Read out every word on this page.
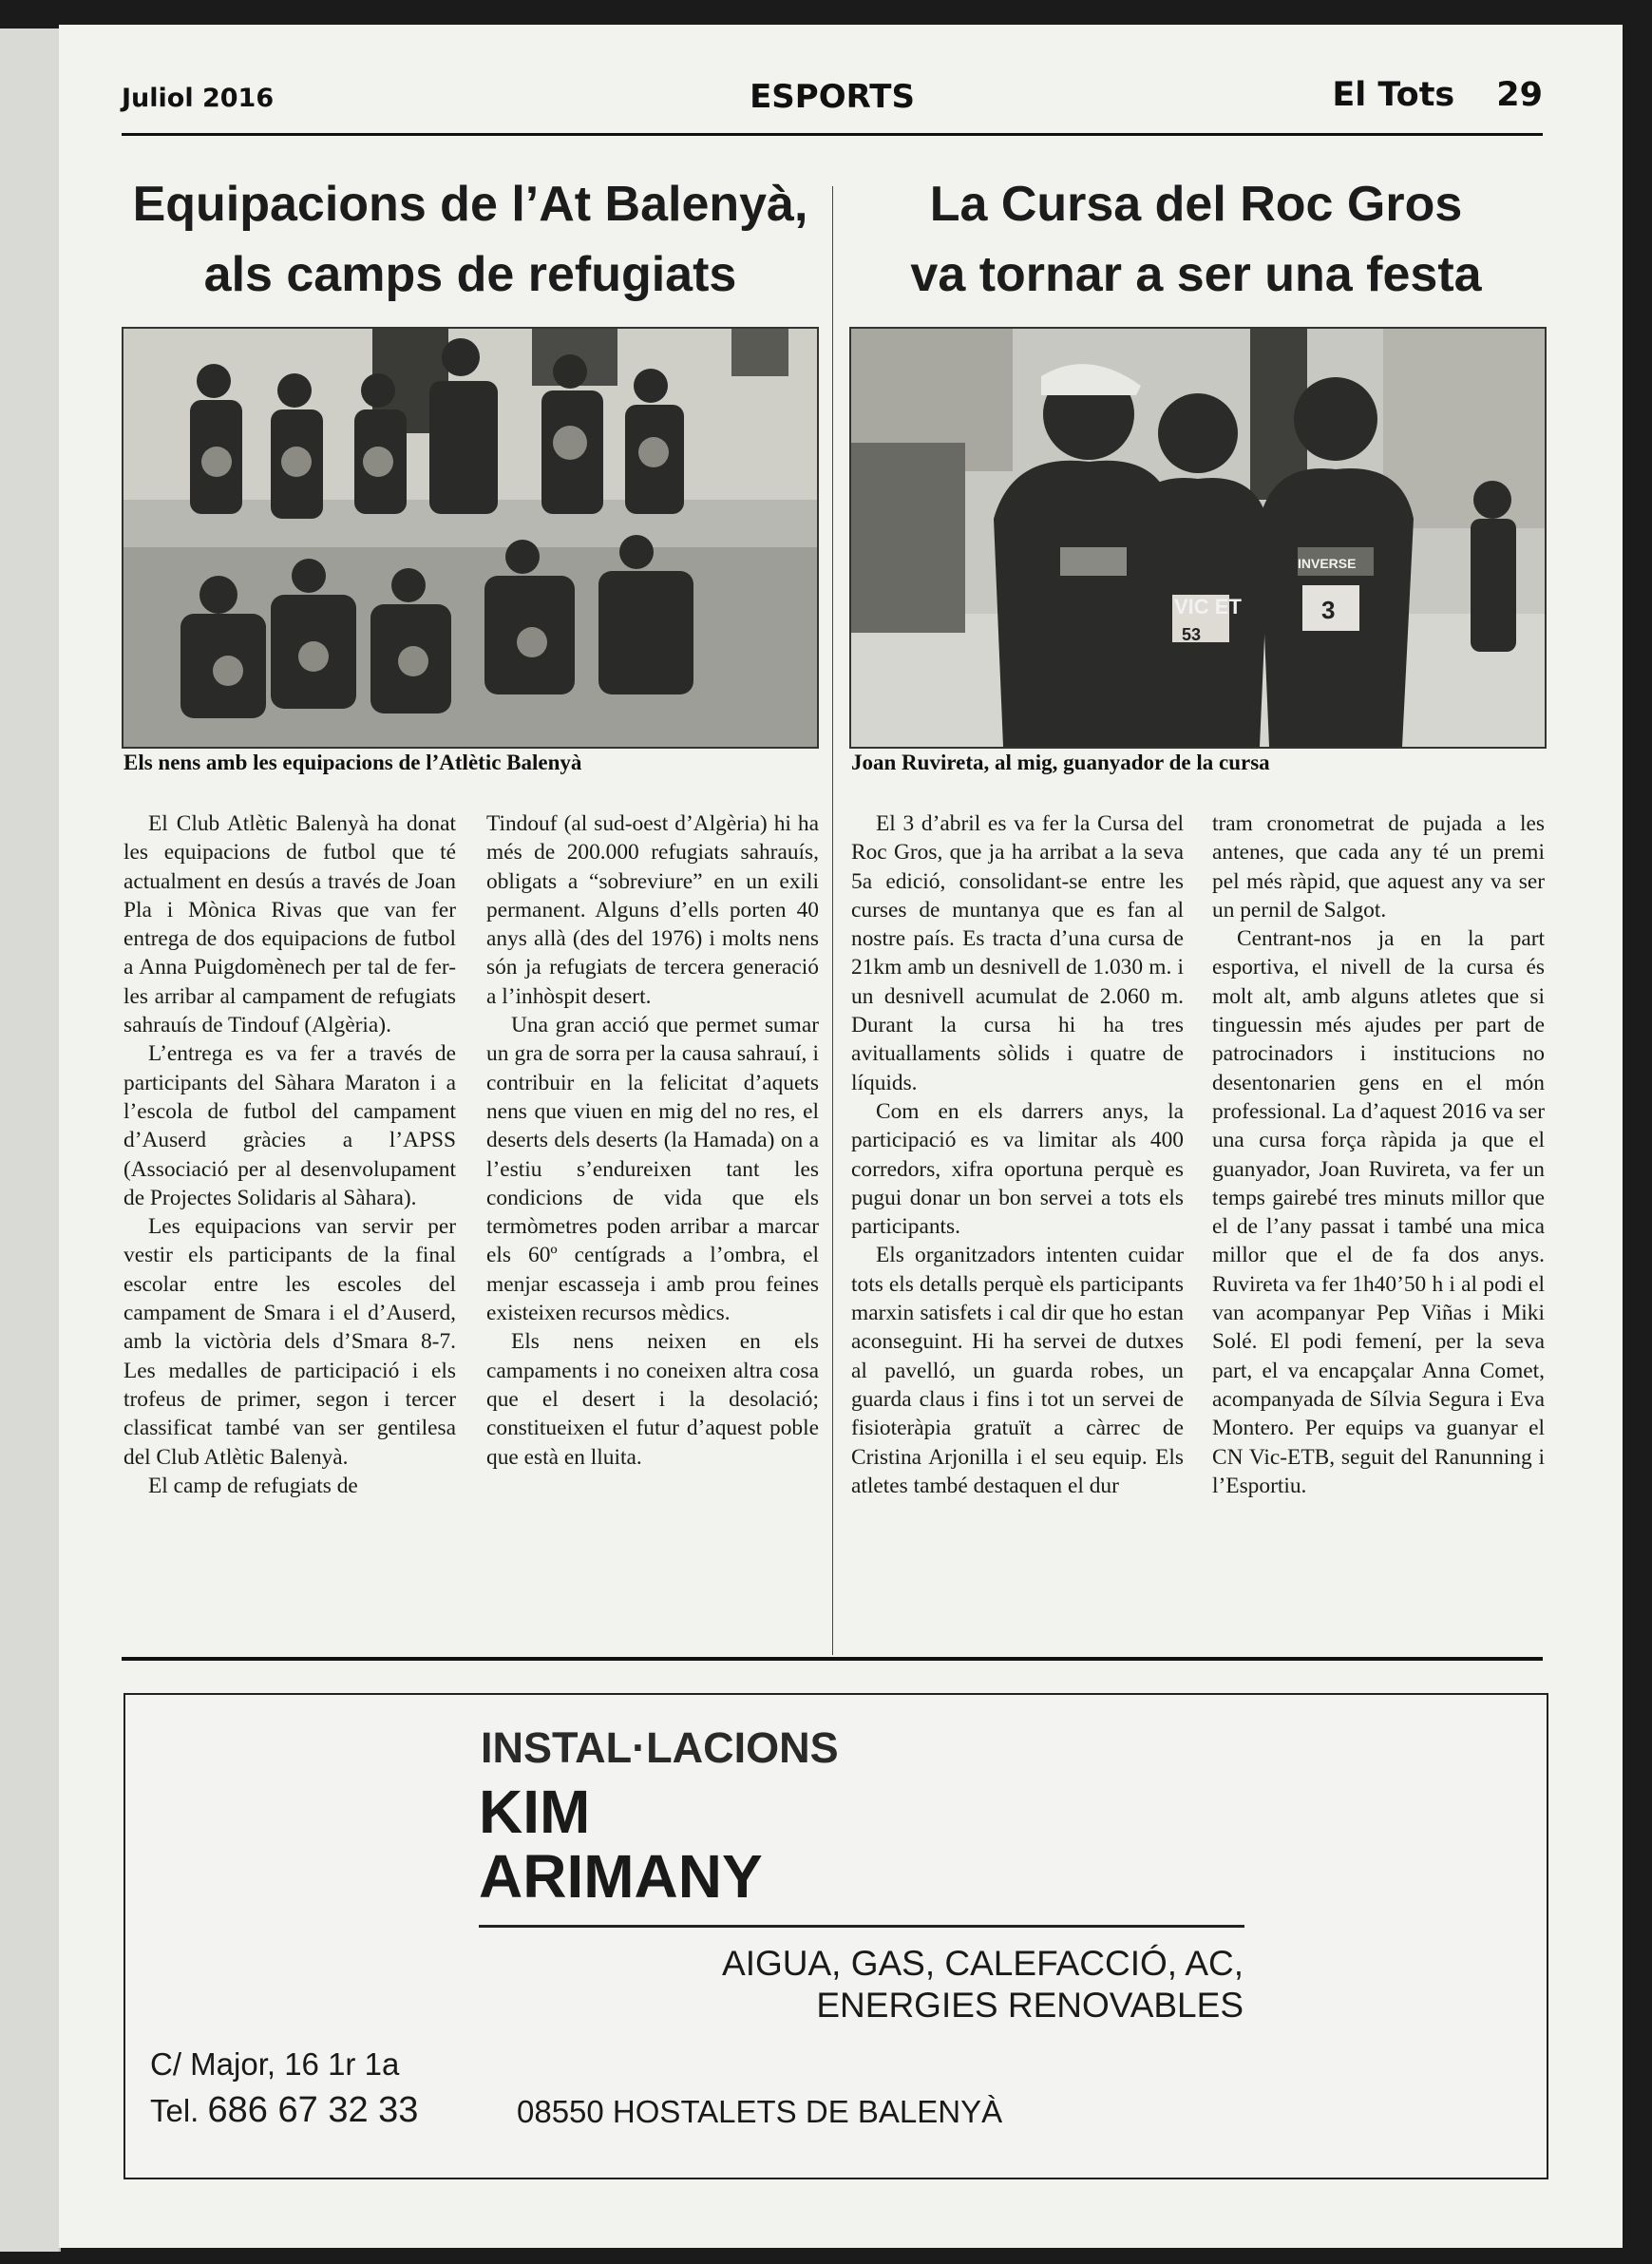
Juliol 2016	ESPORTS	El Tots 29
Equipacions de l’At Balenyà,
als camps de refugiats
Els nens amb les equipacions de l’Atlètic Balenyà

El Club Atlètic Balenyà ha donat les equipacions de futbol que té actualment en desús a través de Joan Pla i Mònica Rivas que van fer entrega de dos equipacions de futbol a Anna Puigdomènech per tal de fer-les arribar al campament de refugiats sahrauís de Tindouf (Algèria).

L’entrega es va fer a través de participants del Sàhara Maraton i a l’escola de futbol del campament d’Auserd gràcies a l’APSS (Associació per al desenvolupament de Projectes Solidaris al Sàhara).

Les equipacions van servir per vestir els participants de la final escolar entre les escoles del campament de Smara i el d’Auserd, amb la victòria dels d’Smara 8-7. Les medalles de participació i els trofeus de primer, segon i tercer classificat també van ser gentilesa del Club Atlètic Balenyà.

El camp de refugiats de

Tindouf (al sud-oest d’Algèria) hi ha més de 200.000 refugiats sahrauís, obligats a “sobreviure” en un exili permanent. Alguns d’ells porten 40 anys allà (des del 1976) i molts nens són ja refugiats de tercera generació a l’inhòspit desert.

Una gran acció que permet sumar un gra de sorra per la causa sahrauí, i contribuir en la felicitat d’aquets nens que viuen en mig del no res, el deserts dels deserts (la Hamada) on a l’estiu s’endureixen tant les condicions de vida que els termòmetres poden arribar a marcar els 60º centígrads a l’ombra, el menjar escasseja i amb prou feines existeixen recursos mèdics.

Els nens neixen en els campaments i no coneixen altra cosa que el desert i la desolació; constitueixen el futur d’aquest poble que està en lluita.

La Cursa del Roc Gros
va tornar a ser una festa
VIC ET
INVERSE
3
53
Joan Ruvireta, al mig, guanyador de la cursa

El 3 d’abril es va fer la Cursa del Roc Gros, que ja ha arribat a la seva 5a edició, consolidant-se entre les curses de muntanya que es fan al nostre país. Es tracta d’una cursa de 21km amb un desnivell de 1.030 m. i un desnivell acumulat de 2.060 m. Durant la cursa hi ha tres avituallaments sòlids i quatre de líquids.

Com en els darrers anys, la participació es va limitar als 400 corredors, xifra oportuna perquè es pugui donar un bon servei a tots els participants.

Els organitzadors intenten cuidar tots els detalls perquè els participants marxin satisfets i cal dir que ho estan aconseguint. Hi ha servei de dutxes al pavelló, un guarda robes, un guarda claus i fins i tot un servei de fisioteràpia gratuït a càrrec de Cristina Arjonilla i el seu equip. Els atletes també destaquen el dur

tram cronometrat de pujada a les antenes, que cada any té un premi pel més ràpid, que aquest any va ser un pernil de Salgot.

Centrant-nos ja en la part esportiva, el nivell de la cursa és molt alt, amb alguns atletes que si tinguessin més ajudes per part de patrocinadors i institucions no desentonarien gens en el món professional. La d’aquest 2016 va ser una cursa força ràpida ja que el guanyador, Joan Ruvireta, va fer un temps gairebé tres minuts millor que el de l’any passat i també una mica millor que el de fa dos anys. Ruvireta va fer 1h40’50 h i al podi el van acompanyar Pep Viñas i Miki Solé. El podi femení, per la seva part, el va encapçalar Anna Comet, acompanyada de Sílvia Segura i Eva Montero. Per equips va guanyar el CN Vic-ETB, seguit del Ranunning i l’Esportiu.

INSTAL·LACIONS
KIM
ARIMANY
AIGUA, GAS, CALEFACCIÓ, AC,
ENERGIES RENOVABLES
C/ Major, 16 1r 1a
Tel. 686 67 32 33	08550 HOSTALETS DE BALENYÀ
